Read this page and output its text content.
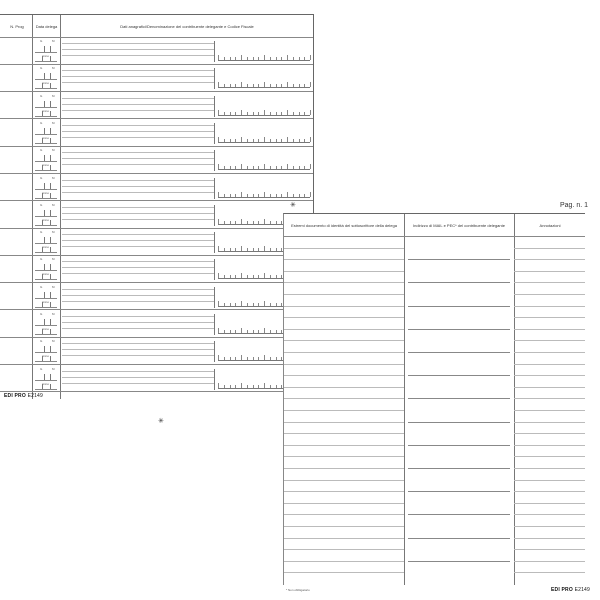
N. Prog	Data delega	Dati anagrafici/Denominazione del contribuente delegante e Codice Fiscale
G	M
Anno
G	M
Anno
G	M
Anno
G	M
Anno
G	M
Anno
G	M
Anno
G	M
Anno
G	M
Anno
G	M
Anno
G	M
Anno
G	M
Anno
G	M
Anno
G	M
Anno
EDI PRO E2149
✳
✳
Pag. n. 1
Estremi documento di identità del sottoscrittore della delega	Indirizzo di MAIL e PEC* del contribuente delegante	Annotazioni
* Non obbligatorio	EDI PRO E2149
